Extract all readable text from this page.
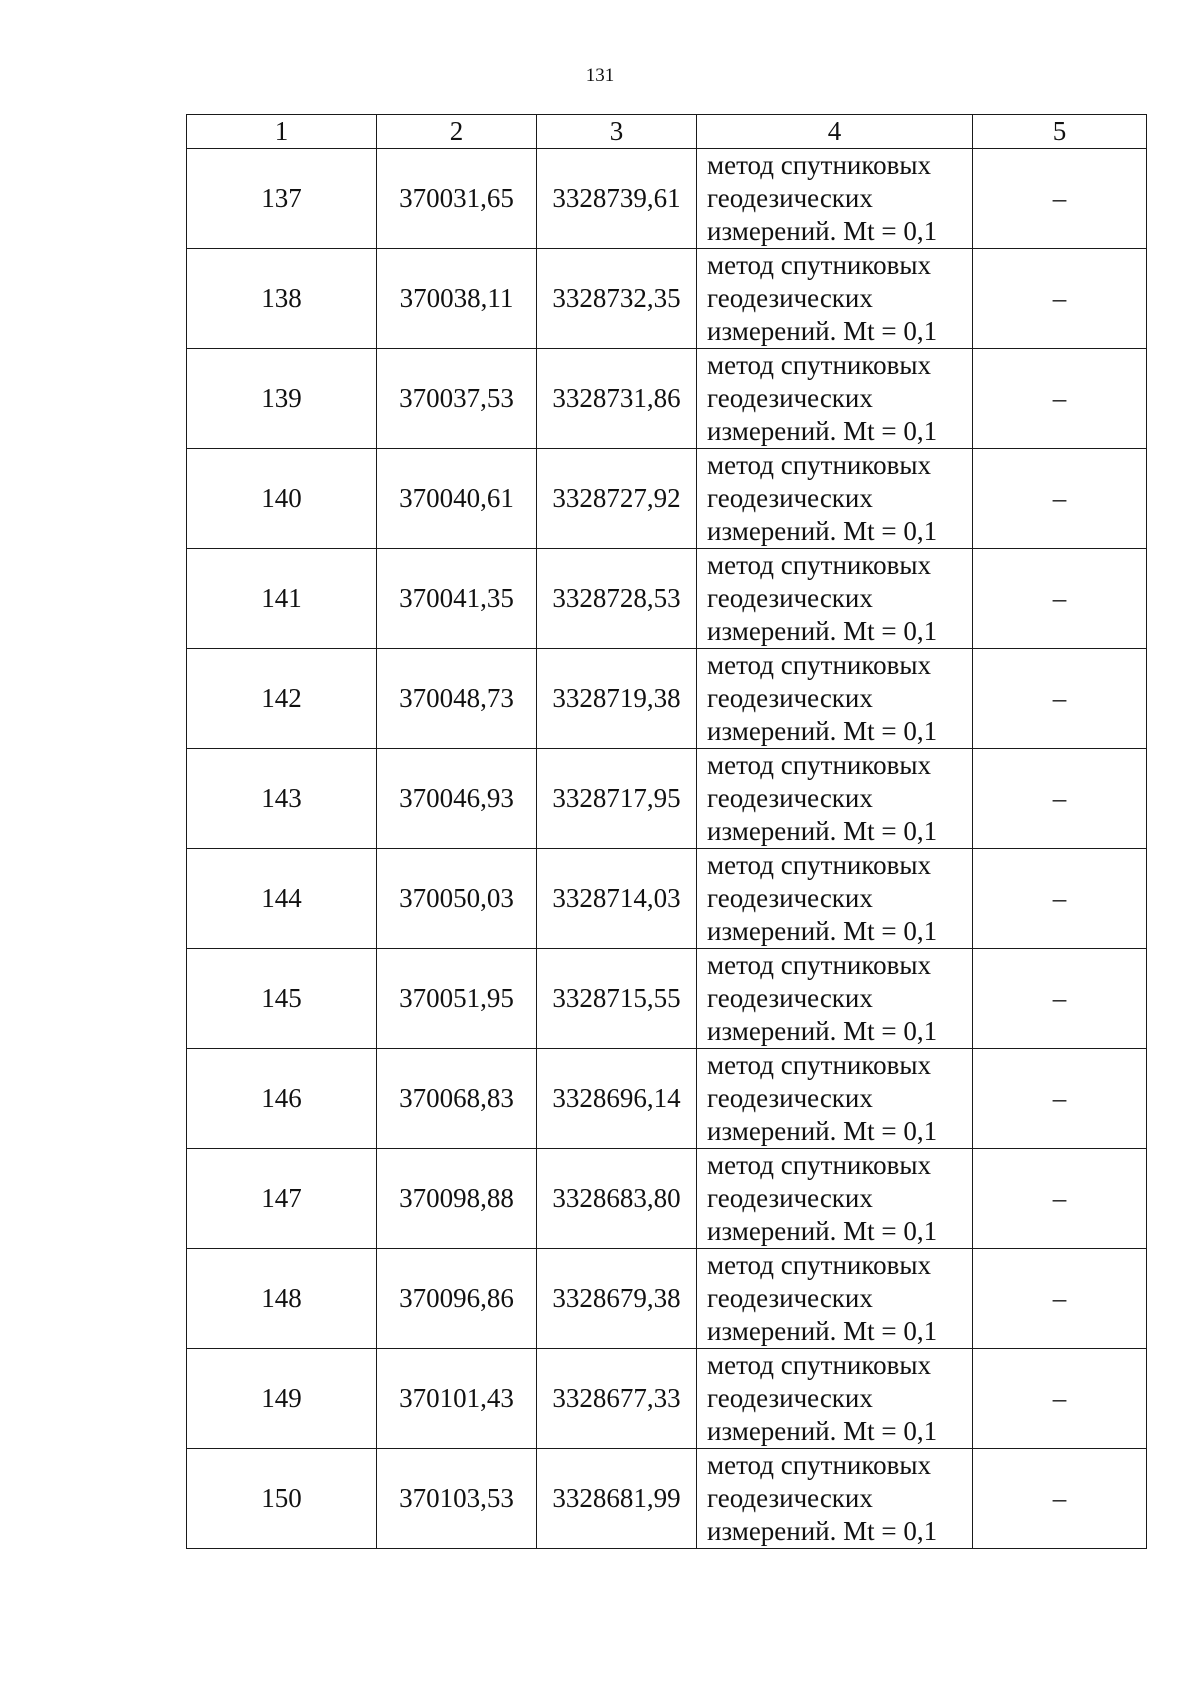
131
1	2	3	4	5
137	370031,65	3328739,61	метод спутниковых
геодезических
измерений. Mt = 0,1	–
138	370038,11	3328732,35	метод спутниковых
геодезических
измерений. Mt = 0,1	–
139	370037,53	3328731,86	метод спутниковых
геодезических
измерений. Mt = 0,1	–
140	370040,61	3328727,92	метод спутниковых
геодезических
измерений. Mt = 0,1	–
141	370041,35	3328728,53	метод спутниковых
геодезических
измерений. Mt = 0,1	–
142	370048,73	3328719,38	метод спутниковых
геодезических
измерений. Mt = 0,1	–
143	370046,93	3328717,95	метод спутниковых
геодезических
измерений. Mt = 0,1	–
144	370050,03	3328714,03	метод спутниковых
геодезических
измерений. Mt = 0,1	–
145	370051,95	3328715,55	метод спутниковых
геодезических
измерений. Mt = 0,1	–
146	370068,83	3328696,14	метод спутниковых
геодезических
измерений. Mt = 0,1	–
147	370098,88	3328683,80	метод спутниковых
геодезических
измерений. Mt = 0,1	–
148	370096,86	3328679,38	метод спутниковых
геодезических
измерений. Mt = 0,1	–
149	370101,43	3328677,33	метод спутниковых
геодезических
измерений. Mt = 0,1	–
150	370103,53	3328681,99	метод спутниковых
геодезических
измерений. Mt = 0,1	–
